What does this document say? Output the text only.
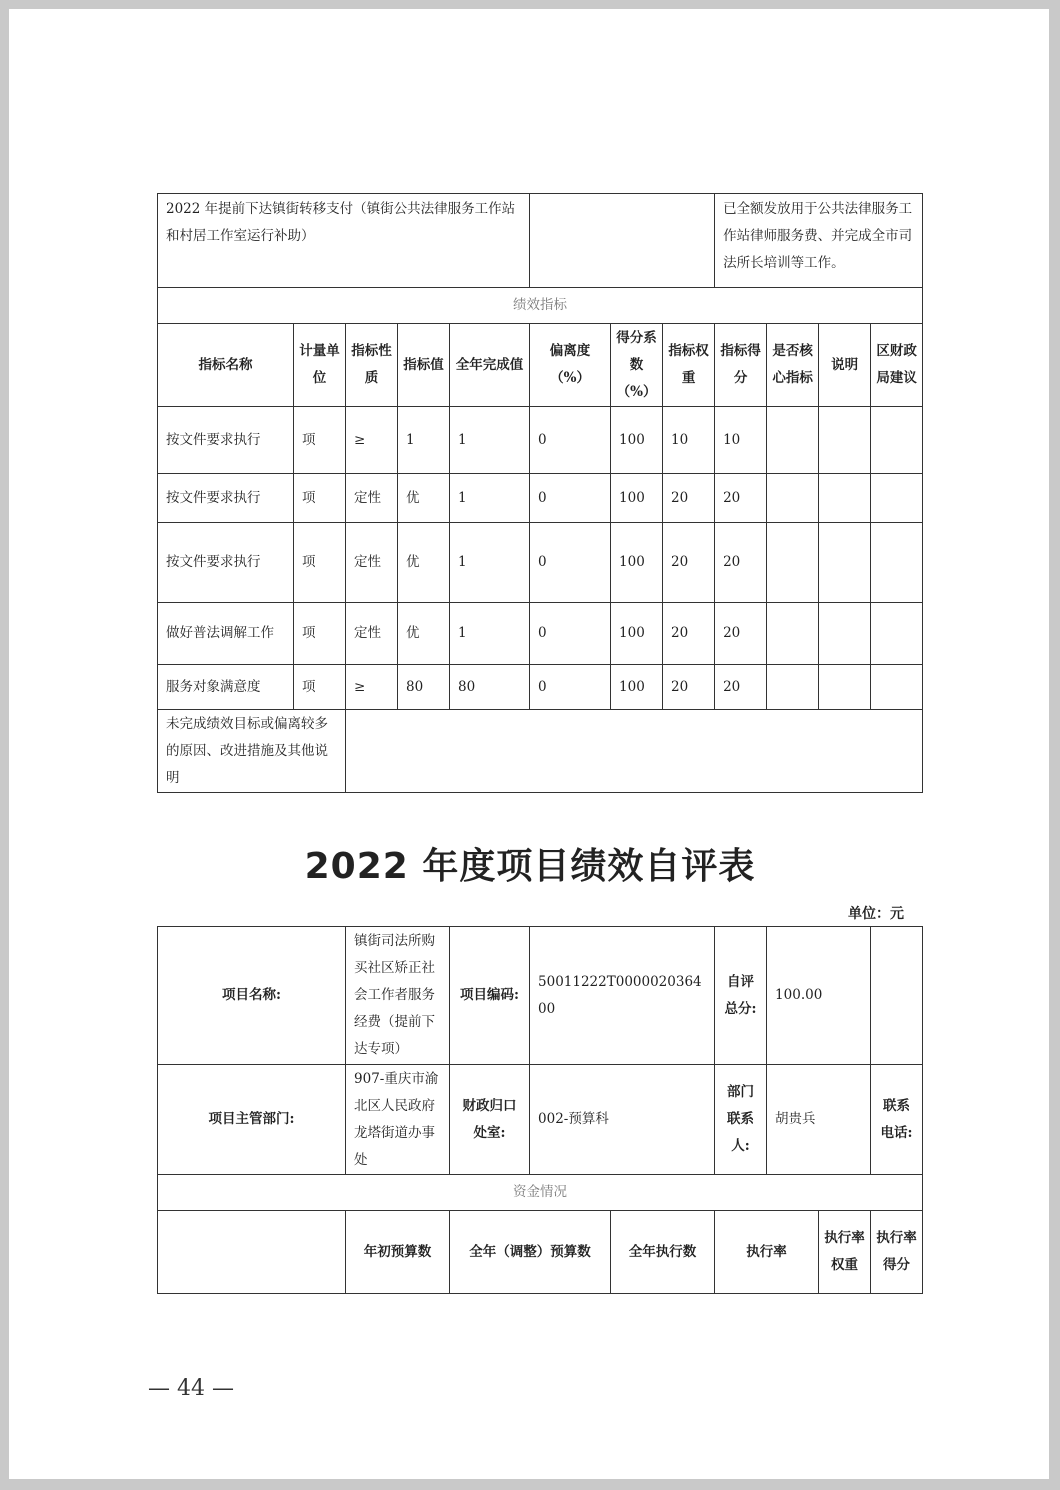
2022 年提前下达镇街转移支付（镇街公共法律服务工作站和村居工作室运行补助）								已全额发放用于公共法律服务工作站律师服务费、并完成全市司法所长培训等工作。			
绩效指标											
指标名称	计量单位	指标性质	指标值	全年完成值	偏离度（%）	得分系数（%）	指标权重	指标得分	是否核心指标	说明	区财政局建议
按文件要求执行	项	≥	1	1	0	100	10	10			
按文件要求执行	项	定性	优	1	0	100	20	20			
按文件要求执行	项	定性	优	1	0	100	20	20			
做好普法调解工作	项	定性	优	1	0	100	20	20			
服务对象满意度	项	≥	80	80	0	100	20	20			
未完成绩效目标或偏离较多的原因、改进措施及其他说明											
2022 年度项目绩效自评表
单位：元
项目名称:	镇街司法所购买社区矫正社会工作者服务经费（提前下达专项）	项目编码:	50011222T000002036400		自评总分:	100.00		
项目主管部门:	907-重庆市渝北区人民政府龙塔街道办事处	财政归口处室:	002-预算科		部门联系人:	胡贵兵		联系电话:
资金情况								
	年初预算数	全年（调整）预算数		全年执行数	执行率		执行率权重	执行率得分
— 44 —
